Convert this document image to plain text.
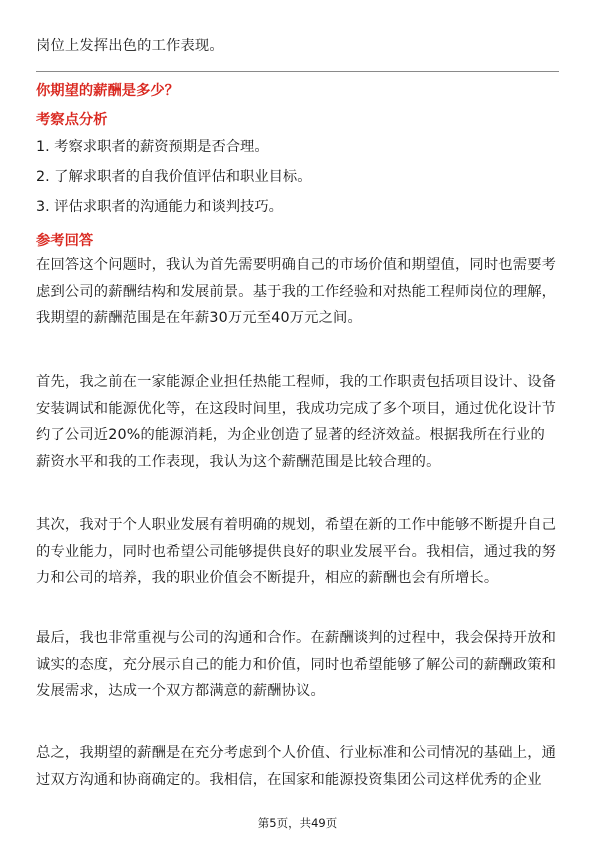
岗位上发挥出色的工作表现。

你期望的薪酬是多少？

考察点分析

1. 考察求职者的薪资预期是否合理。

2. 了解求职者的自我价值评估和职业目标。

3. 评估求职者的沟通能力和谈判技巧。

参考回答

在回答这个问题时，我认为首先需要明确自己的市场价值和期望值，同时也需要考虑到公司的薪酬结构和发展前景。基于我的工作经验和对热能工程师岗位的理解，我期望的薪酬范围是在年薪30万元至40万元之间。

首先，我之前在一家能源企业担任热能工程师，我的工作职责包括项目设计、设备安装调试和能源优化等，在这段时间里，我成功完成了多个项目，通过优化设计节约了公司近20%的能源消耗，为企业创造了显著的经济效益。根据我所在行业的薪资水平和我的工作表现，我认为这个薪酬范围是比较合理的。

其次，我对于个人职业发展有着明确的规划，希望在新的工作中能够不断提升自己的专业能力，同时也希望公司能够提供良好的职业发展平台。我相信，通过我的努力和公司的培养，我的职业价值会不断提升，相应的薪酬也会有所增长。

最后，我也非常重视与公司的沟通和合作。在薪酬谈判的过程中，我会保持开放和诚实的态度，充分展示自己的能力和价值，同时也希望能够了解公司的薪酬政策和发展需求，达成一个双方都满意的薪酬协议。

总之，我期望的薪酬是在充分考虑到个人价值、行业标准和公司情况的基础上，通过双方沟通和协商确定的。我相信，在国家和能源投资集团公司这样优秀的企业

第5页，共49页
